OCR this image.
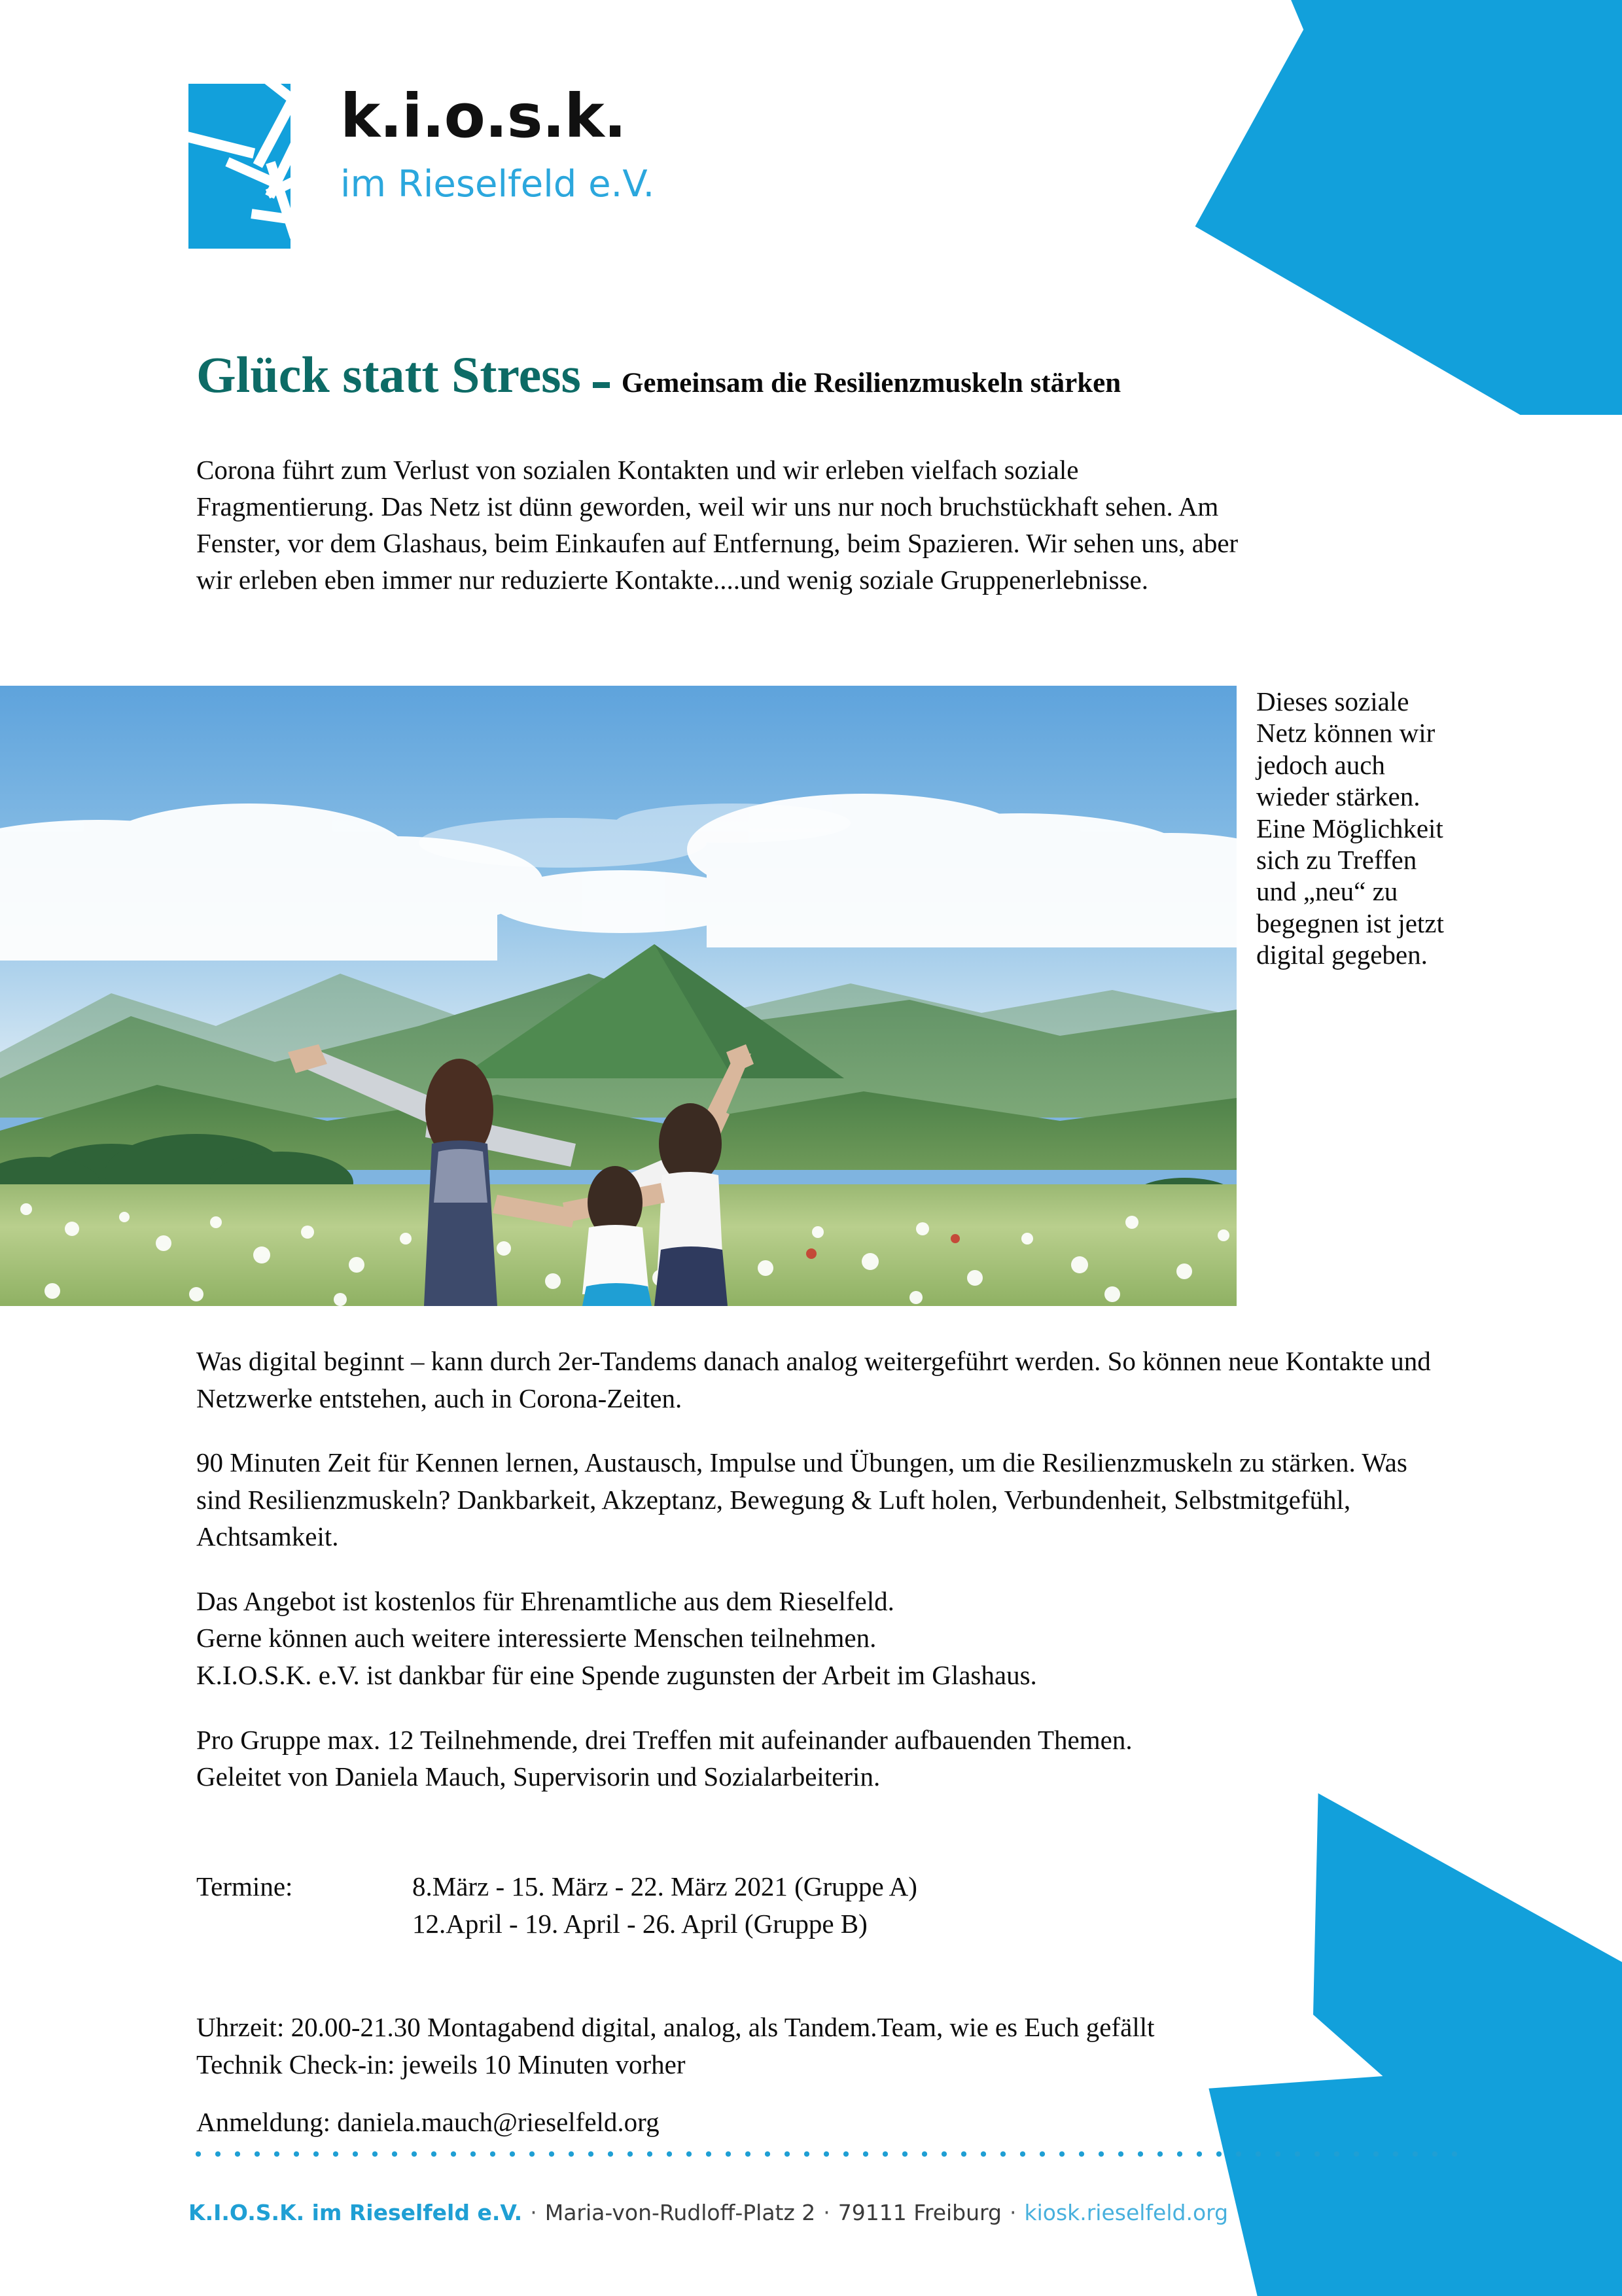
k.i.o.s.k.
im Rieselfeld e.V.
Glück statt Stress Gemeinsam die Resilienzmuskeln stärken
Corona führt zum Verlust von sozialen Kontakten und wir erleben vielfach soziale Fragmentierung. Das Netz ist dünn geworden, weil wir uns nur noch bruchstückhaft sehen. Am Fenster, vor dem Glashaus, beim Einkaufen auf Entfernung, beim Spazieren. Wir sehen uns, aber wir erleben eben immer nur reduzierte Kontakte....und wenig soziale Gruppenerlebnisse.
Dieses soziale Netz können wir jedoch auch wieder stärken. Eine Möglichkeit sich zu Treffen und „neu“ zu begegnen ist jetzt digital gegeben.

Was digital beginnt – kann durch 2er-Tandems danach analog weitergeführt werden. So können neue Kontakte und Netzwerke entstehen, auch in Corona-Zeiten.

90 Minuten Zeit für Kennen lernen, Austausch, Impulse und Übungen, um die Resilienzmuskeln zu stärken. Was sind Resilienzmuskeln? Dankbarkeit, Akzeptanz, Bewegung & Luft holen, Verbundenheit, Selbstmitgefühl, Achtsamkeit.

Das Angebot ist kostenlos für Ehrenamtliche aus dem Rieselfeld.
Gerne können auch weitere interessierte Menschen teilnehmen.
K.I.O.S.K. e.V. ist dankbar für eine Spende zugunsten der Arbeit im Glashaus.

Pro Gruppe max. 12 Teilnehmende, drei Treffen mit aufeinander aufbauenden Themen.
Geleitet von Daniela Mauch, Supervisorin und Sozialarbeiterin.

Termine:	8.März - 15. März - 22. März 2021 (Gruppe A)
12.April - 19. April - 26. April (Gruppe B)
Uhrzeit: 20.00-21.30 Montagabend digital, analog, als Tandem.Team, wie es Euch gefällt
Technik Check-in: jeweils 10 Minuten vorher
Anmeldung: daniela.mauch@rieselfeld.org
K.I.O.S.K. im Rieselfeld e.V. · Maria-von-Rudloff-Platz 2 · 79111 Freiburg · kiosk.rieselfeld.org
